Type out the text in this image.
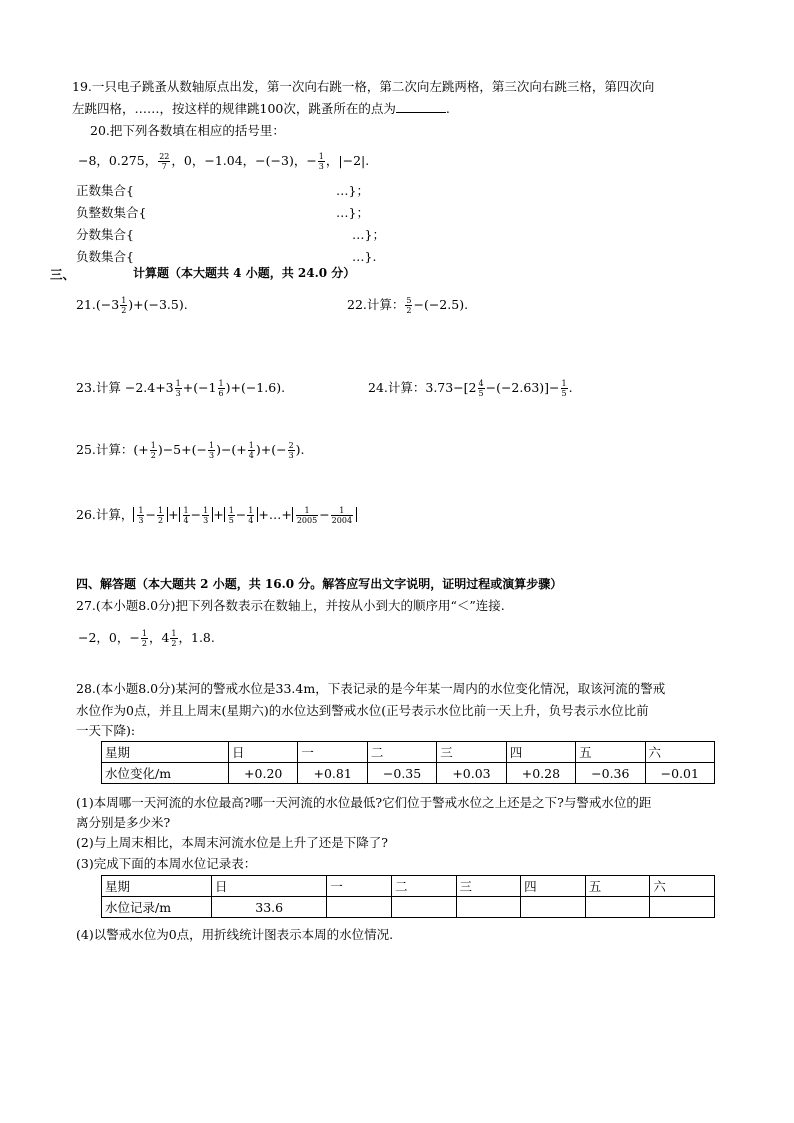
19.一只电子跳蚤从数轴原点出发，第一次向右跳一格，第二次向左跳两格，第三次向右跳三格，第四次向
左跳四格，……，按这样的规律跳100次，跳蚤所在的点为	.
20.把下列各数填在相应的括号里：
−8，0.275， $\frac{22}{7}$ ，0，−1.04，−(−3)，− $\frac{1}{3}$ ，|−2|.
正数集合{	…}；
负整数集合{	…}；
分数集合{	…}；
负数集合{	…}.
三、	计算题（本大题共 4 小题，共 24.0 分）
$21.(-3 \frac{1}{2} )+(-3.5)$.	22.计算： $\frac{5}{2} -(-2.5)$.
23.计算 $-2.4+3 \frac{1}{3} +(-1 \frac{1}{6} )+(-1.6)$.	24.计算：$3.73-[2 \frac{4}{5} -(-2.63)]- \frac{1}{5}$ .
25.计算：(+ $\frac{1}{2} )-5+(- \frac{1}{3}$ )−(+ $\frac{1}{4}$ )+(− $\frac{2}{3}$ ).
26.计算， $\frac{1}{3} - \frac{1}{2} + \frac{1}{4} - \frac{1}{3} + \frac{1}{5} - \frac{1}{4}$ +…+ $\frac{1}{2005} - \frac{1}{2004}$
四、解答题（本大题共 2 小题，共 16.0 分。解答应写出文字说明，证明过程或演算步骤）
27.(本小题8.0分)把下列各数表示在数轴上，并按从小到大的顺序用“＜”连接.
−2，0，− $\frac{1}{2}$ ，$4 \frac{1}{2}$ ，1.8.
28.(本小题8.0分)某河的警戒水位是33.4m，下表记录的是今年某一周内的水位变化情况，取该河流的警戒
水位作为0点，并且上周末(星期六)的水位达到警戒水位(正号表示水位比前一天上升，负号表示水位比前
一天下降):
星期	日	一	二	三	四	五	六
水位变化/m	+0.20	+0.81	−0.35	+0.03	+0.28	−0.36	−0.01
(1)本周哪一天河流的水位最高?哪一天河流的水位最低?它们位于警戒水位之上还是之下?与警戒水位的距
离分别是多少米?
(2)与上周末相比，本周末河流水位是上升了还是下降了?
(3)完成下面的本周水位记录表：
星期	日	一	二	三	四	五	六
水位记录/m	33.6						
(4)以警戒水位为0点，用折线统计图表示本周的水位情况.
